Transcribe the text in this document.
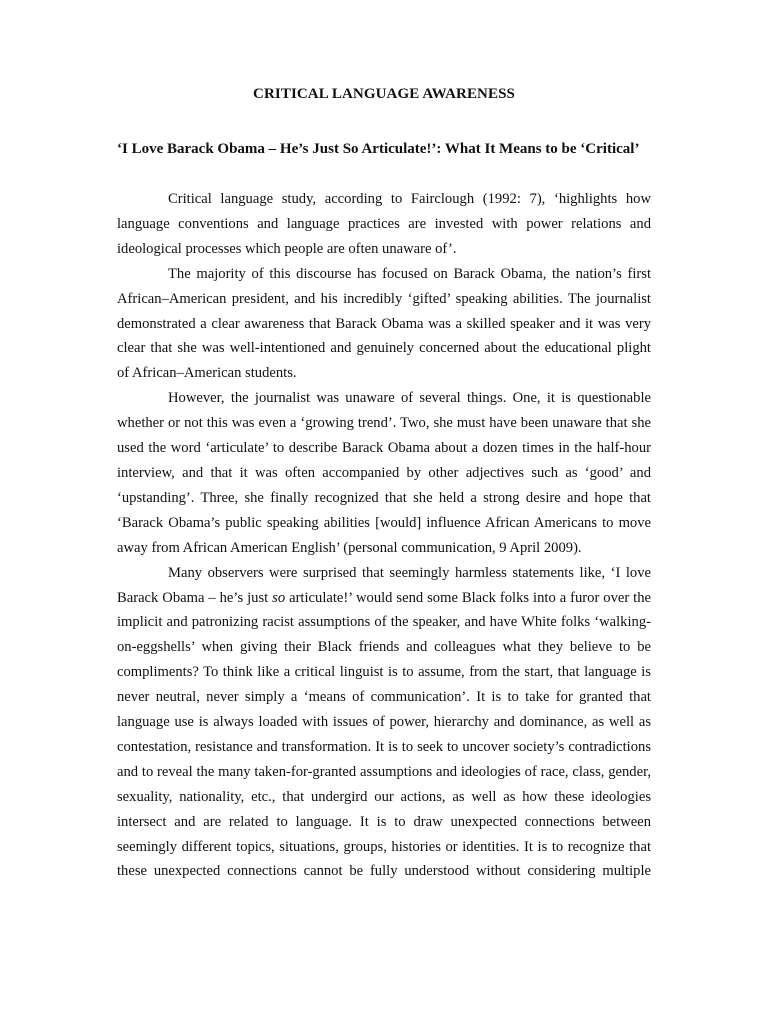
CRITICAL LANGUAGE AWARENESS
‘I Love Barack Obama – He’s Just So Articulate!’: What It Means to be ‘Critical’

Critical language study, according to Fairclough (1992: 7), ‘highlights how language conventions and language practices are invested with power relations and ideological processes which people are often unaware of’.

The majority of this discourse has focused on Barack Obama, the nation’s first African–American president, and his incredibly ‘gifted’ speaking abilities. The journalist demonstrated a clear awareness that Barack Obama was a skilled speaker and it was very clear that she was well-intentioned and genuinely concerned about the educational plight of African–American students.

However, the journalist was unaware of several things. One, it is questionable whether or not this was even a ‘growing trend’. Two, she must have been unaware that she used the word ‘articulate’ to describe Barack Obama about a dozen times in the half-hour interview, and that it was often accompanied by other adjectives such as ‘good’ and ‘upstanding’. Three, she finally recognized that she held a strong desire and hope that ‘Barack Obama’s public speaking abilities [would] influence African Americans to move away from African American English’ (personal communication, 9 April 2009).

Many observers were surprised that seemingly harmless statements like, ‘I love Barack Obama – he’s just so articulate!’ would send some Black folks into a furor over the implicit and patronizing racist assumptions of the speaker, and have White folks ‘walking-on-eggshells’ when giving their Black friends and colleagues what they believe to be compliments? To think like a critical linguist is to assume, from the start, that language is never neutral, never simply a ‘means of communication’. It is to take for granted that language use is always loaded with issues of power, hierarchy and dominance, as well as contestation, resistance and transformation. It is to seek to uncover society’s contradictions and to reveal the many taken-for-granted assumptions and ideologies of race, class, gender, sexuality, nationality, etc., that undergird our actions, as well as how these ideologies intersect and are related to language. It is to draw unexpected connections between seemingly different topics, situations, groups, histories or identities. It is to recognize that these unexpected connections cannot be fully understood without considering multiple
